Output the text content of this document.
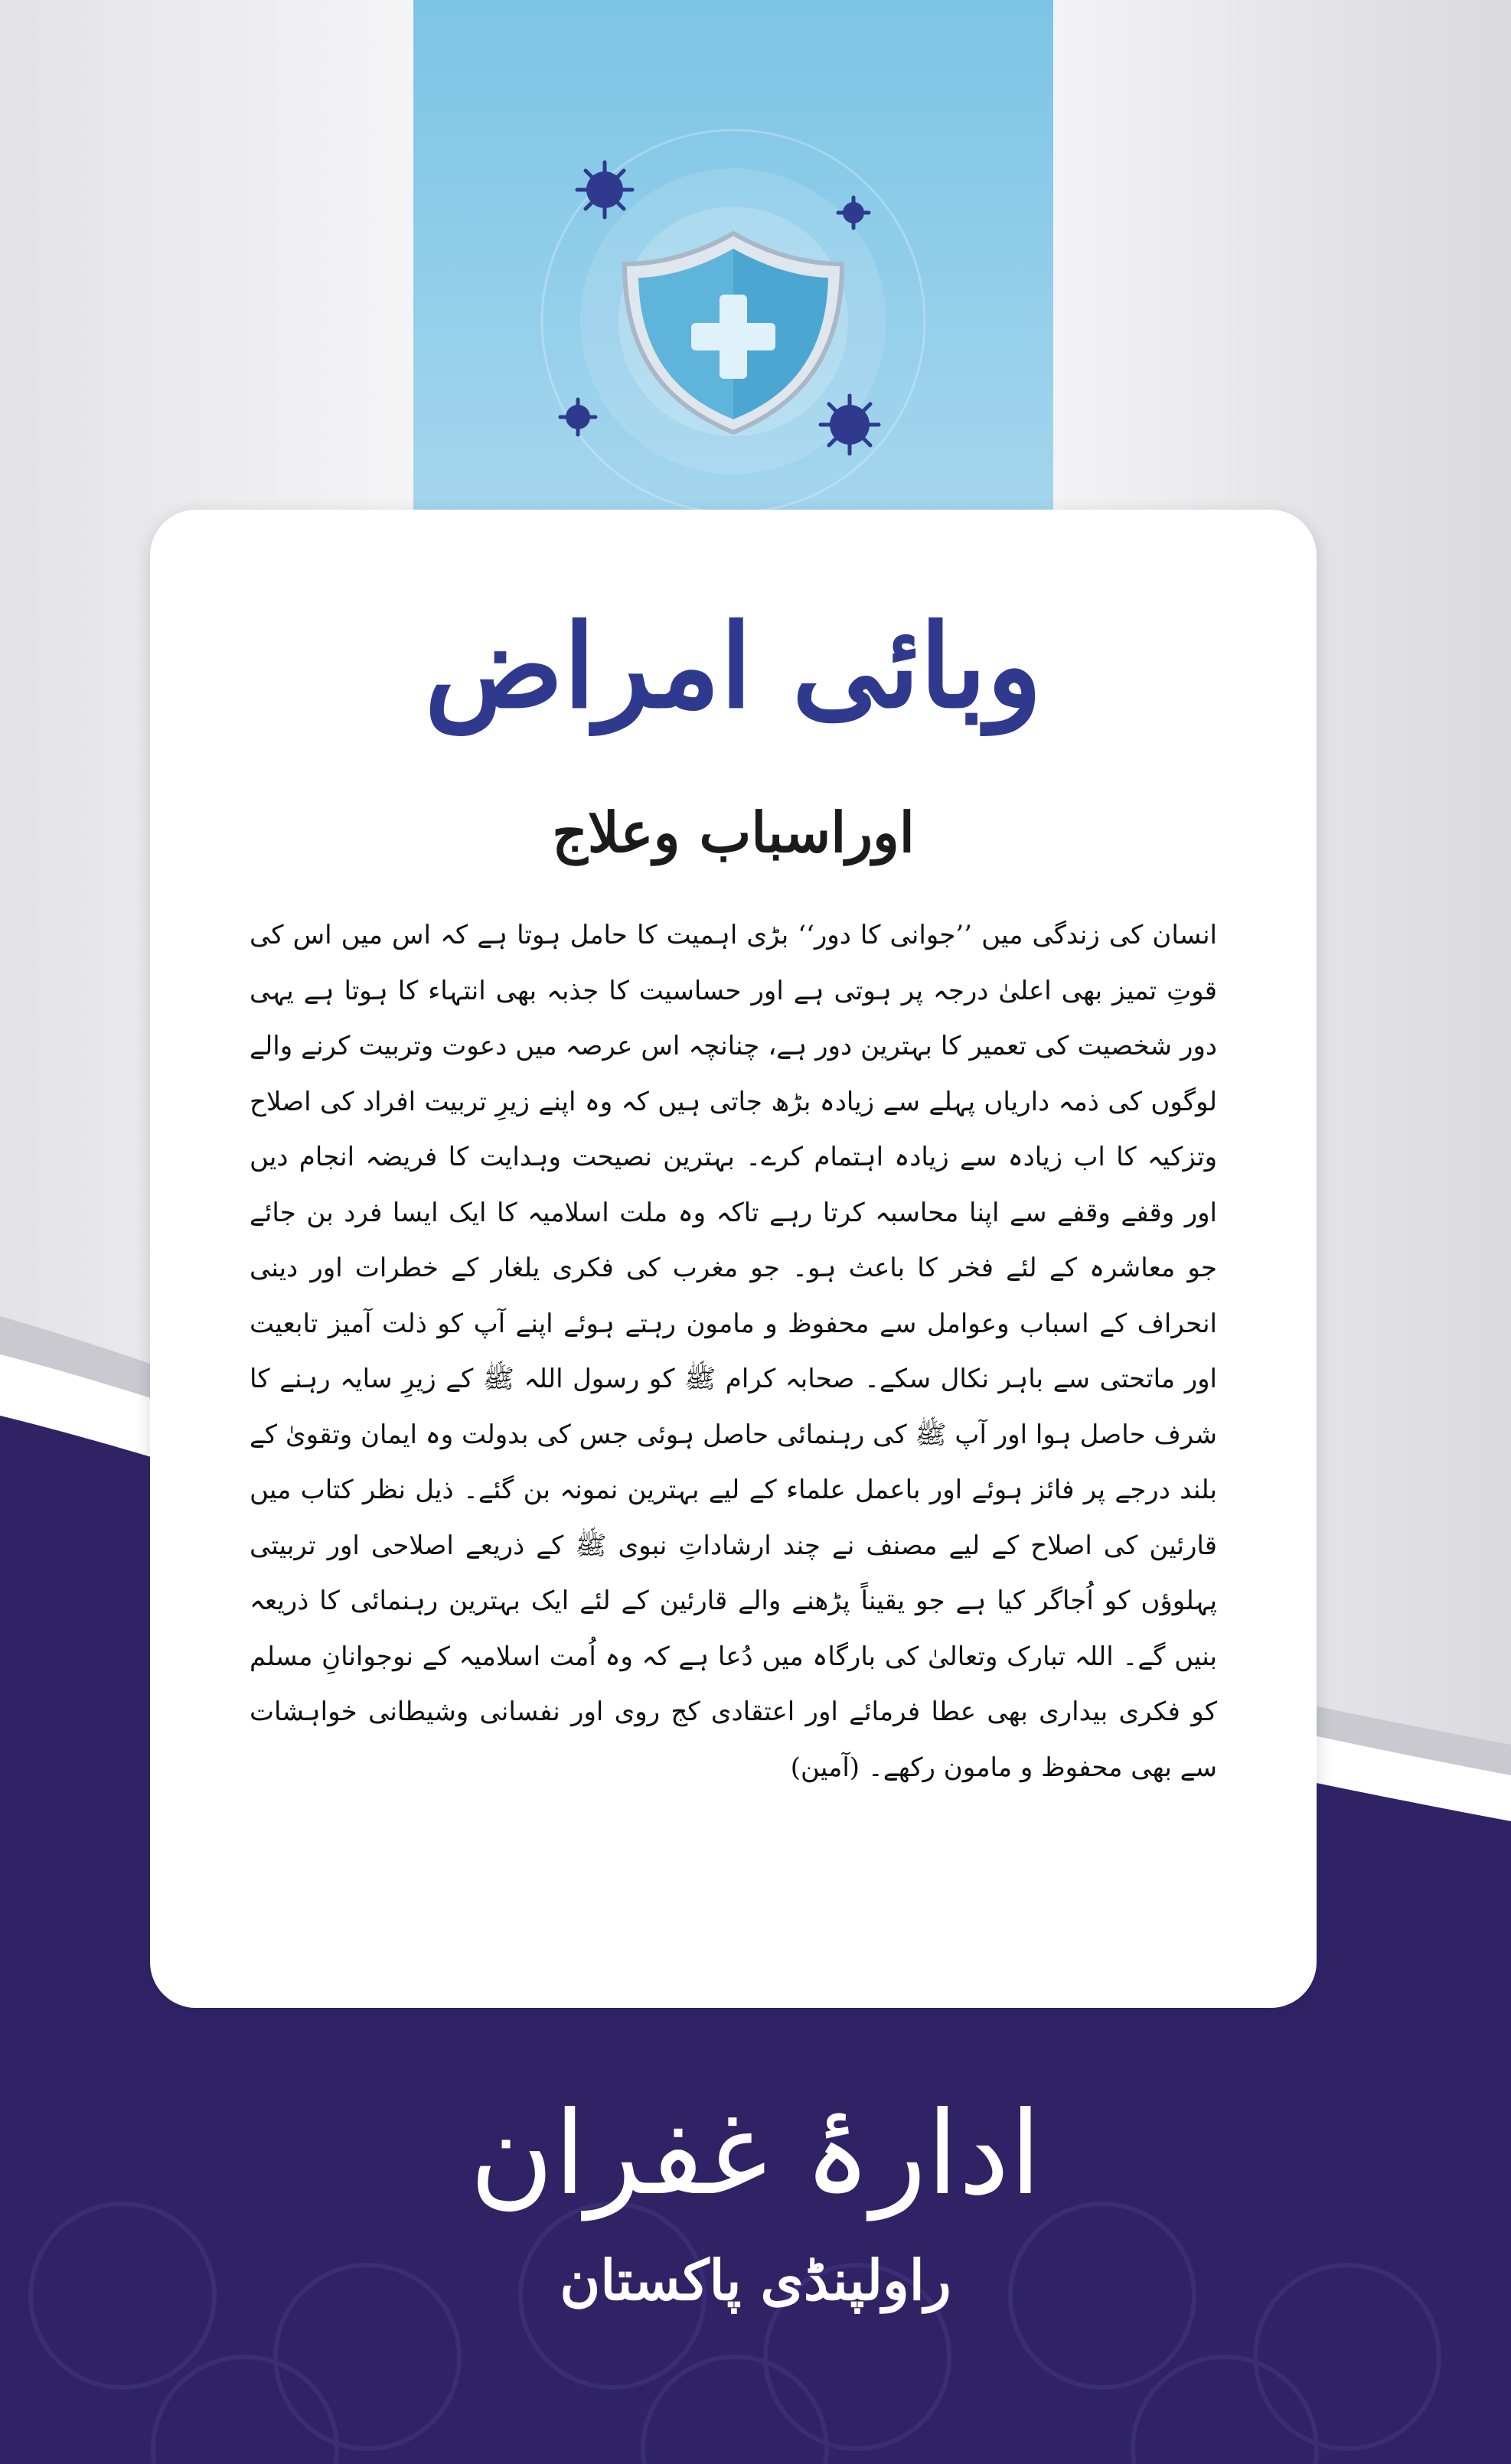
وبائی امراض
اوراسباب وعلاج

انسان کی زندگی میں ’’جوانی کا دور‘‘ بڑی اہمیت کا حامل ہوتا ہے کہ اس میں اس کی قوتِ تمیز بھی اعلیٰ درجہ پر ہوتی ہے اور حساسیت کا جذبہ بھی انتہاء کا ہوتا ہے یہی دور شخصیت کی تعمیر کا بہترین دور ہے، چنانچہ اس عرصہ میں دعوت وتربیت کرنے والے لوگوں کی ذمہ داریاں پہلے سے زیادہ بڑھ جاتی ہیں کہ وہ اپنے زیرِ تربیت افراد کی اصلاح وتزکیہ کا اب زیادہ سے زیادہ اہتمام کرے۔ بہترین نصیحت وہدایت کا فریضہ انجام دیں اور وقفے وقفے سے اپنا محاسبہ کرتا رہے تاکہ وہ ملت اسلامیہ کا ایک ایسا فرد بن جائے جو معاشرہ کے لئے فخر کا باعث ہو۔ جو مغرب کی فکری یلغار کے خطرات اور دینی انحراف کے اسباب وعوامل سے محفوظ و مامون رہتے ہوئے اپنے آپ کو ذلت آمیز تابعیت اور ماتحتی سے باہر نکال سکے۔ صحابہ کرام ﷺ کو رسول اللہ ﷺ کے زیرِ سایہ رہنے کا شرف حاصل ہوا اور آپ ﷺ کی رہنمائی حاصل ہوئی جس کی بدولت وہ ایمان وتقویٰ کے بلند درجے پر فائز ہوئے اور باعمل علماء کے لیے بہترین نمونہ بن گئے۔ ذیل نظر کتاب میں قارئین کی اصلاح کے لیے مصنف نے چند ارشاداتِ نبوی ﷺ کے ذریعے اصلاحی اور تربیتی پہلوؤں کو اُجاگر کیا ہے جو یقیناً پڑھنے والے قارئین کے لئے ایک بہترین رہنمائی کا ذریعہ بنیں گے۔ اللہ تبارک وتعالیٰ کی بارگاہ میں دُعا ہے کہ وہ اُمت اسلامیہ کے نوجوانانِ مسلم کو فکری بیداری بھی عطا فرمائے اور اعتقادی کج روی اور نفسانی وشیطانی خواہشات سے بھی محفوظ و مامون رکھے۔ (آمین)

ادارۂ غفران
راولپنڈی پاکستان
